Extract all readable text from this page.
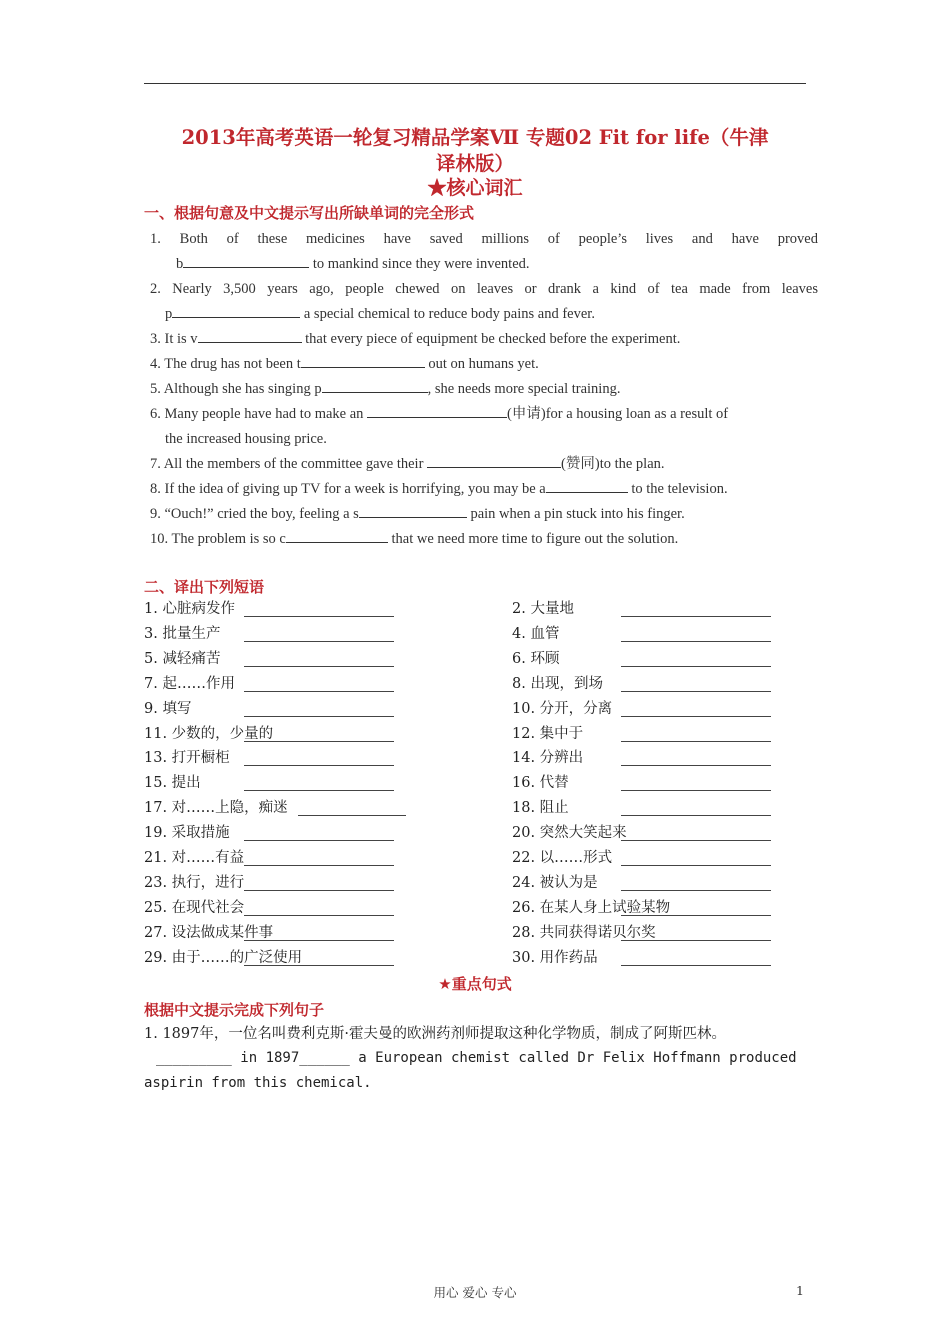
2013年高考英语一轮复习精品学案Ⅶ 专题02 Fit for life（牛津
译林版）
★核心词汇
一、根据句意及中文提示写出所缺单词的完全形式
1. Both of these medicines have saved millions of people’s lives and have proved
b	to mankind since they were invented.
2. Nearly 3,500 years ago, people chewed on leaves or drank a kind of tea made from leaves
p	a special chemical to reduce body pains and fever.
3. It is v	that every piece of equipment be checked before the experiment.
4. The drug has not been t	out on humans yet.
5. Although she has singing p	, she needs more special training.
6. Many people have had to make an	(申请)for a housing loan as a result of
the increased housing price.
7. All the members of the committee gave their	(赞同)to the plan.
8. If the idea of giving up TV for a week is horrifying, you may be a	to the television.
9. “Ouch!” cried the boy, feeling a s	pain when a pin stuck into his finger.
10. The problem is so c	that we need more time to figure out the solution.
二、译出下列短语
1. 心脏病发作	2. 大量地
3. 批量生产	4. 血管
5. 减轻痛苦	6. 环顾
7. 起……作用	8. 出现，到场
9. 填写	10. 分开，分离
11. 少数的，少量的	12. 集中于
13. 打开橱柜	14. 分辨出
15. 提出	16. 代替
17. 对……上隐，痴迷	18. 阻止
19. 采取措施	20. 突然大笑起来
21. 对……有益	22. 以……形式
23. 执行，进行	24. 被认为是
25. 在现代社会	26. 在某人身上试验某物
27. 设法做成某件事	28. 共同获得诺贝尔奖
29. 由于……的广泛使用	30. 用作药品
★重点句式
根据中文提示完成下列句子
1. 1897年，一位名叫费利克斯·霍夫曼的欧洲药剂师提取这种化学物质，制成了阿斯匹林。
_________ in 1897______ a European chemist called Dr Felix Hoffmann produced
aspirin from this chemical.
用心 爱心 专心	1
